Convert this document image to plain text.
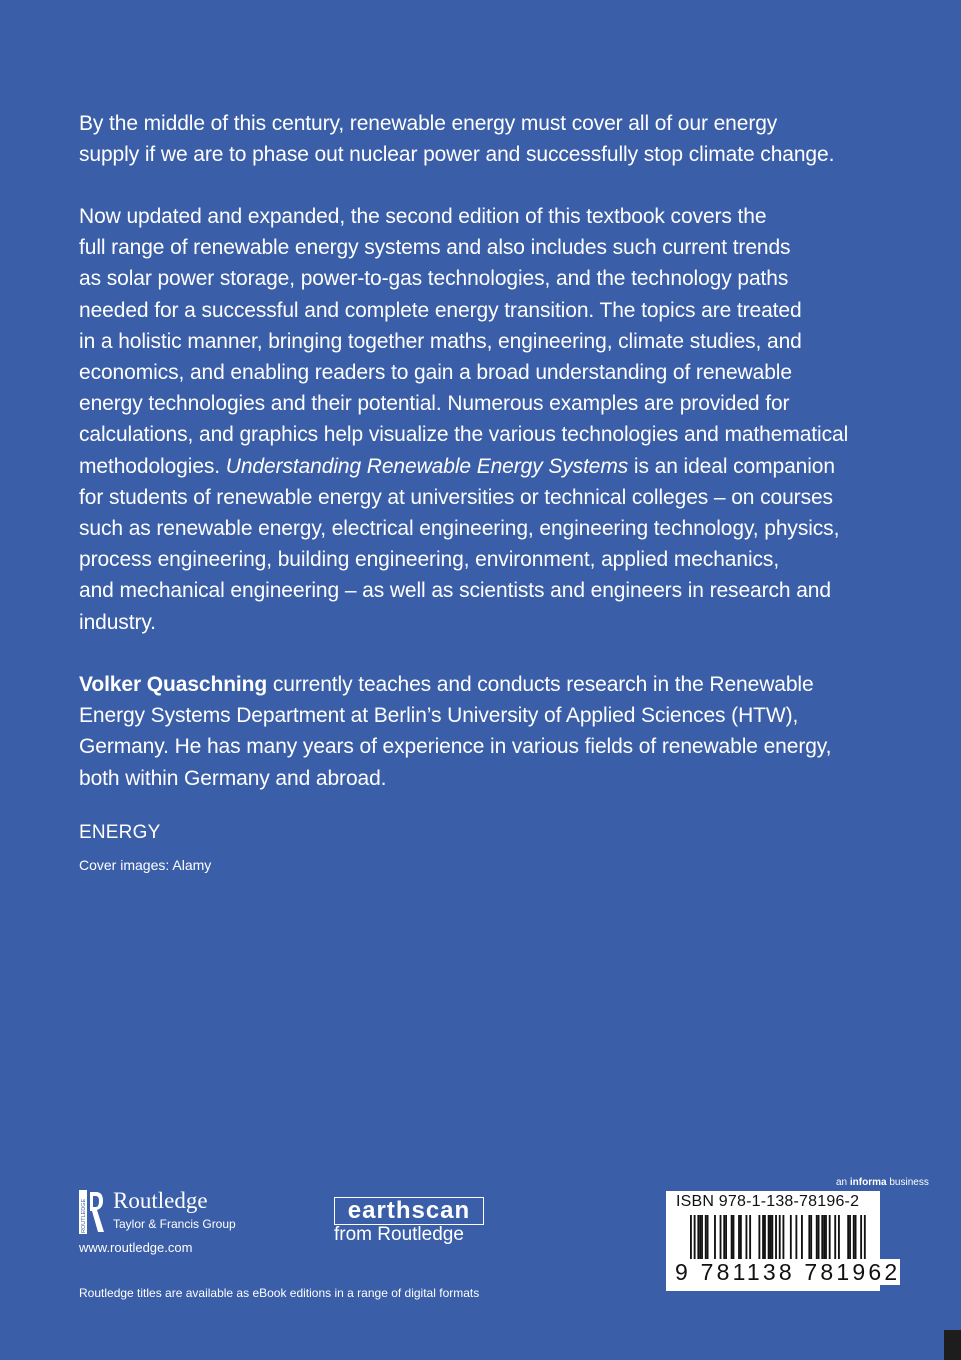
By the middle of this century, renewable energy must cover all of our energy
supply if we are to phase out nuclear power and successfully stop climate change.
Now updated and expanded, the second edition of this textbook covers the
full range of renewable energy systems and also includes such current trends
as solar power storage, power-to-gas technologies, and the technology paths
needed for a successful and complete energy transition. The topics are treated
in a holistic manner, bringing together maths, engineering, climate studies, and
economics, and enabling readers to gain a broad understanding of renewable
energy technologies and their potential. Numerous examples are provided for
calculations, and graphics help visualize the various technologies and mathematical
methodologies. Understanding Renewable Energy Systems is an ideal companion
for students of renewable energy at universities or technical colleges – on courses
such as renewable energy, electrical engineering, engineering technology, physics,
process engineering, building engineering, environment, applied mechanics,
and mechanical engineering – as well as scientists and engineers in research and
industry.
Volker Quaschning currently teaches and conducts research in the Renewable
Energy Systems Department at Berlin’s University of Applied Sciences (HTW),
Germany. He has many years of experience in various fields of renewable energy,
both within Germany and abroad.
ENERGY
Cover images: Alamy
ROUTLEDGE Routledge
Taylor & Francis Group
www.routledge.com
earthscan
from Routledge
Routledge titles are available as eBook editions in a range of digital formats
an informa business
ISBN 978-1-138-78196-2
9 781138 781962
